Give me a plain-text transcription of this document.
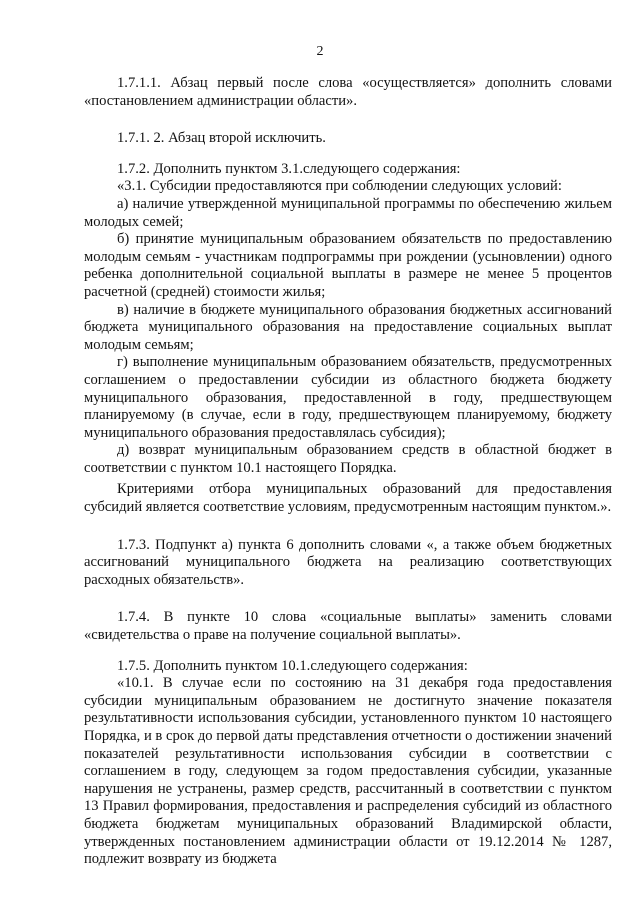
2

1.7.1.1. Абзац первый после слова «осуществляется» дополнить словами «постановлением администрации области».

1.7.1. 2. Абзац второй исключить.

1.7.2. Дополнить пунктом 3.1.следующего содержания:

«3.1. Субсидии предоставляются при соблюдении следующих условий:

а) наличие утвержденной муниципальной программы по обеспечению жильем молодых семей;

б) принятие муниципальным образованием обязательств по предоставлению молодым семьям - участникам подпрограммы при рождении (усыновлении) одного ребенка дополнительной социальной выплаты в размере не менее 5 процентов расчетной (средней) стоимости жилья;

в) наличие в бюджете муниципального образования бюджетных ассигнований бюджета муниципального образования на предоставление социальных выплат молодым семьям;

г) выполнение муниципальным образованием обязательств, предусмотренных соглашением о предоставлении субсидии из областного бюджета бюджету муниципального образования, предоставленной в году, предшествующем планируемому (в случае, если в году, предшествующем планируемому, бюджету муниципального образования предоставлялась субсидия);

д) возврат муниципальным образованием средств в областной бюджет в соответствии с пунктом 10.1 настоящего Порядка.

Критериями отбора муниципальных образований для предоставления субсидий является соответствие условиям, предусмотренным настоящим пунктом.».

1.7.3. Подпункт а) пункта 6 дополнить словами «, а также объем бюджетных ассигнований муниципального бюджета на реализацию соответствующих расходных обязательств».

1.7.4. В пункте 10 слова «социальные выплаты» заменить словами «свидетельства о праве на получение социальной выплаты».

1.7.5. Дополнить пунктом 10.1.следующего содержания:

«10.1. В случае если по состоянию на 31 декабря года предоставления субсидии муниципальным образованием не достигнуто значение показателя результативности использования субсидии, установленного пунктом 10 настоящего Порядка, и в срок до первой даты представления отчетности о достижении значений показателей результативности использования субсидии в соответствии с соглашением в году, следующем за годом предоставления субсидии, указанные нарушения не устранены, размер средств, рассчитанный в соответствии с пунктом 13 Правил формирования, предоставления и распределения субсидий из областного бюджета бюджетам муниципальных образований Владимирской области, утвержденных постановлением администрации области от 19.12.2014 № 1287, подлежит возврату из бюджета
